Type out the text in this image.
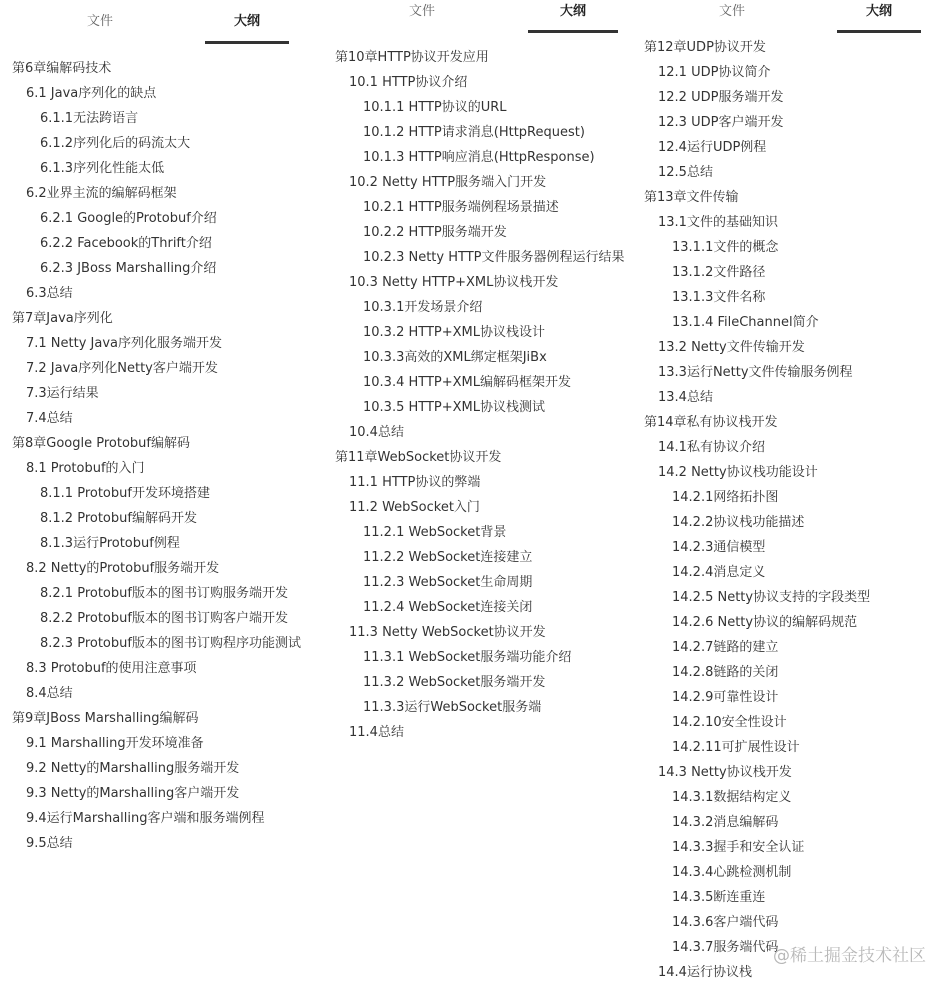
文件	大纲
第6章编解码技术
6.1 Java序列化的缺点
6.1.1无法跨语言
6.1.2序列化后的码流太大
6.1.3序列化性能太低
6.2业界主流的编解码框架
6.2.1 Google的Protobuf介绍
6.2.2 Facebook的Thrift介绍
6.2.3 JBoss Marshalling介绍
6.3总结
第7章Java序列化
7.1 Netty Java序列化服务端开发
7.2 Java序列化Netty客户端开发
7.3运行结果
7.4总结
第8章Google Protobuf编解码
8.1 Protobuf的入门
8.1.1 Protobuf开发环境搭建
8.1.2 Protobuf编解码开发
8.1.3运行Protobuf例程
8.2 Netty的Protobuf服务端开发
8.2.1 Protobuf版本的图书订购服务端开发
8.2.2 Protobuf版本的图书订购客户端开发
8.2.3 Protobuf版本的图书订购程序功能测试
8.3 Protobuf的使用注意事项
8.4总结
第9章JBoss Marshalling编解码
9.1 Marshalling开发环境准备
9.2 Netty的Marshalling服务端开发
9.3 Netty的Marshalling客户端开发
9.4运行Marshalling客户端和服务端例程
9.5总结
文件	大纲
第10章HTTP协议开发应用
10.1 HTTP协议介绍
10.1.1 HTTP协议的URL
10.1.2 HTTP请求消息(HttpRequest)
10.1.3 HTTP响应消息(HttpResponse)
10.2 Netty HTTP服务端入门开发
10.2.1 HTTP服务端例程场景描述
10.2.2 HTTP服务端开发
10.2.3 Netty HTTP文件服务器例程运行结果
10.3 Netty HTTP+XML协议栈开发
10.3.1开发场景介绍
10.3.2 HTTP+XML协议栈设计
10.3.3高效的XML绑定框架JiBx
10.3.4 HTTP+XML编解码框架开发
10.3.5 HTTP+XML协议栈测试
10.4总结
第11章WebSocket协议开发
11.1 HTTP协议的弊端
11.2 WebSocket入门
11.2.1 WebSocket背景
11.2.2 WebSocket连接建立
11.2.3 WebSocket生命周期
11.2.4 WebSocket连接关闭
11.3 Netty WebSocket协议开发
11.3.1 WebSocket服务端功能介绍
11.3.2 WebSocket服务端开发
11.3.3运行WebSocket服务端
11.4总结
文件	大纲
第12章UDP协议开发
12.1 UDP协议简介
12.2 UDP服务端开发
12.3 UDP客户端开发
12.4运行UDP例程
12.5总结
第13章文件传输
13.1文件的基础知识
13.1.1文件的概念
13.1.2文件路径
13.1.3文件名称
13.1.4 FileChannel简介
13.2 Netty文件传输开发
13.3运行Netty文件传输服务例程
13.4总结
第14章私有协议栈开发
14.1私有协议介绍
14.2 Netty协议栈功能设计
14.2.1网络拓扑图
14.2.2协议栈功能描述
14.2.3通信模型
14.2.4消息定义
14.2.5 Netty协议支持的字段类型
14.2.6 Netty协议的编解码规范
14.2.7链路的建立
14.2.8链路的关闭
14.2.9可靠性设计
14.2.10安全性设计
14.2.11可扩展性设计
14.3 Netty协议栈开发
14.3.1数据结构定义
14.3.2消息编解码
14.3.3握手和安全认证
14.3.4心跳检测机制
14.3.5断连重连
14.3.6客户端代码
14.3.7服务端代码
14.4运行协议栈
@稀土掘金技术社区
